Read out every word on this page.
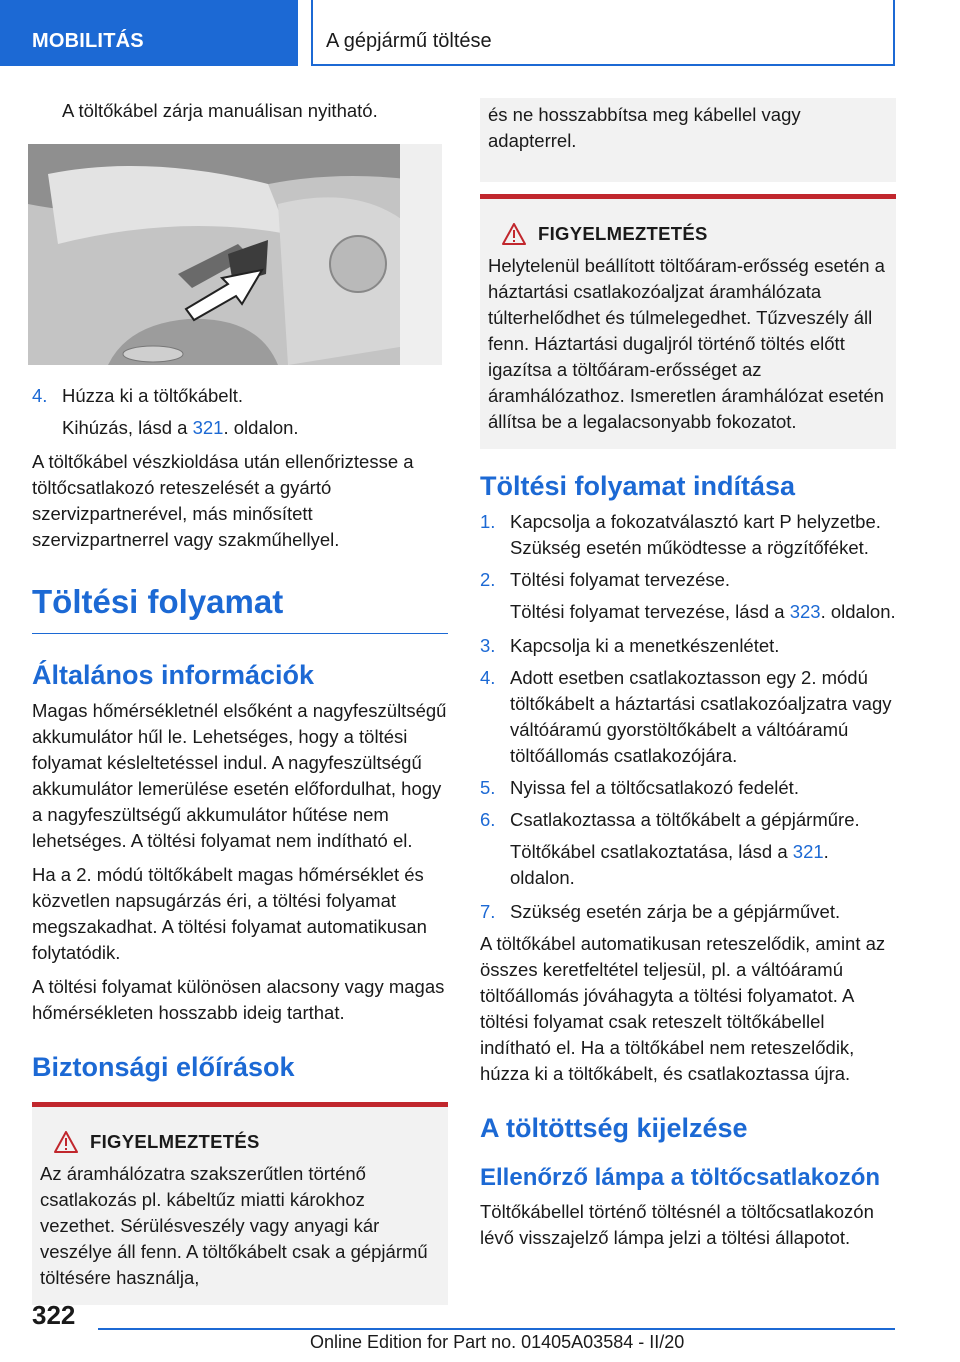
MOBILITÁS	A gépjármű töltése

A töltőkábel zárja manuálisan nyitható.

4. Húzza ki a töltőkábelt.

Kihúzás, lásd a 321. oldalon.

A töltőkábel vészkioldása után ellenőriztesse a töltőcsatlakozó reteszelését a gyártó szervizpartnerével, más minősített szervizpartnerrel vagy szakműhellyel.

Töltési folyamat
Általános információk

Magas hőmérsékletnél elsőként a nagyfeszültségű akkumulátor hűl le. Lehetséges, hogy a töltési folyamat késleltetéssel indul. A nagyfeszültségű akkumulátor lemerülése esetén előfordulhat, hogy a nagyfeszültségű akkumulátor hűtése nem lehetséges. A töltési folyamat nem indítható el.

Ha a 2. módú töltőkábelt magas hőmérséklet és közvetlen napsugárzás éri, a töltési folyamat megszakadhat. A töltési folyamat automatikusan folytatódik.

A töltési folyamat különösen alacsony vagy magas hőmérsékleten hosszabb ideig tarthat.

Biztonsági előírások
FIGYELMEZTETÉS

Az áramhálózatra szakszerűtlen történő csatlakozás pl. kábeltűz miatti károkhoz vezethet. Sérülésveszély vagy anyagi kár veszélye áll fenn. A töltőkábelt csak a gépjármű töltésére használja,

és ne hosszabbítsa meg kábellel vagy adapterrel.

FIGYELMEZTETÉS

Helytelenül beállított töltőáram-erősség esetén a háztartási csatlakozóaljzat áramhálózata túlterhelődhet és túlmelegedhet. Tűzveszély áll fenn. Háztartási dugaljról történő töltés előtt igazítsa a töltőáram-erősséget az áramhálózathoz. Ismeretlen áramhálózat esetén állítsa be a legalacsonyabb fokozatot.

Töltési folyamat indítása
1. Kapcsolja a fokozatválasztó kart P helyzetbe. Szükség esetén működtesse a rögzítőféket.
2. Töltési folyamat tervezése.

Töltési folyamat tervezése, lásd a 323. oldalon.

3. Kapcsolja ki a menetkészenlétet.
4. Adott esetben csatlakoztasson egy 2. módú töltőkábelt a háztartási csatlakozóaljzatra vagy váltóáramú gyorstöltőkábelt a váltóáramú töltőállomás csatlakozójára.
5. Nyissa fel a töltőcsatlakozó fedelét.
6. Csatlakoztassa a töltőkábelt a gépjárműre.

Töltőkábel csatlakoztatása, lásd a 321. oldalon.

7. Szükség esetén zárja be a gépjárművet.

A töltőkábel automatikusan reteszelődik, amint az összes keretfeltétel teljesül, pl. a váltóáramú töltőállomás jóváhagyta a töltési folyamatot. A töltési folyamat csak reteszelt töltőkábellel indítható el. Ha a töltőkábel nem reteszelődik, húzza ki a töltőkábelt, és csatlakoztassa újra.

A töltöttség kijelzése
Ellenőrző lámpa a töltőcsatlakozón

Töltőkábellel történő töltésnél a töltőcsatlakozón lévő visszajelző lámpa jelzi a töltési állapotot.

322
Online Edition for Part no. 01405A03584 - II/20
